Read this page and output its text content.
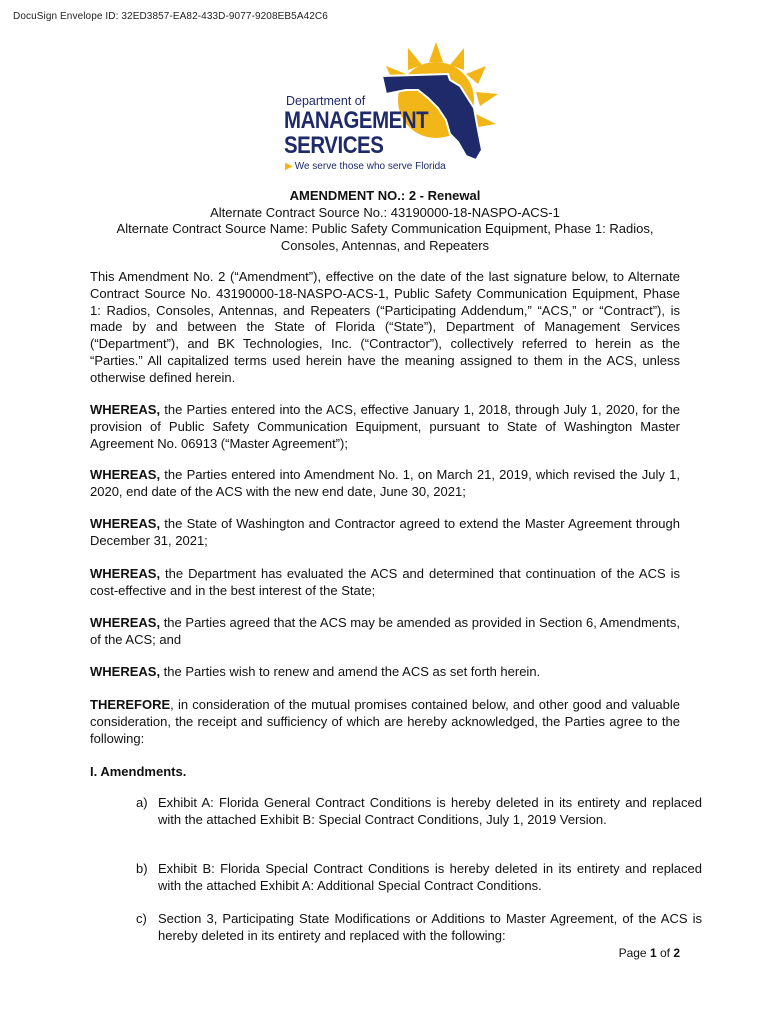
DocuSign Envelope ID: 32ED3857-EA82-433D-9077-9208EB5A42C6
Department of
MANAGEMENT
SERVICES
▶ We serve those who serve Florida
AMENDMENT NO.: 2 - Renewal
Alternate Contract Source No.: 43190000-18-NASPO-ACS-1
Alternate Contract Source Name: Public Safety Communication Equipment, Phase 1: Radios,
Consoles, Antennas, and Repeaters
This Amendment No. 2 (“Amendment”), effective on the date of the last signature below, to Alternate Contract Source No. 43190000-18-NASPO-ACS-1, Public Safety Communication Equipment, Phase 1: Radios, Consoles, Antennas, and Repeaters (“Participating Addendum,” “ACS,” or “Contract”), is made by and between the State of Florida (“State”), Department of Management Services (“Department”), and BK Technologies, Inc. (“Contractor”), collectively referred to herein as the “Parties.” All capitalized terms used herein have the meaning assigned to them in the ACS, unless otherwise defined herein.
WHEREAS, the Parties entered into the ACS, effective January 1, 2018, through July 1, 2020, for the provision of Public Safety Communication Equipment, pursuant to State of Washington Master Agreement No. 06913 (“Master Agreement”);
WHEREAS, the Parties entered into Amendment No. 1, on March 21, 2019, which revised the July 1, 2020, end date of the ACS with the new end date, June 30, 2021;
WHEREAS, the State of Washington and Contractor agreed to extend the Master Agreement through December 31, 2021;
WHEREAS, the Department has evaluated the ACS and determined that continuation of the ACS is cost-effective and in the best interest of the State;
WHEREAS, the Parties agreed that the ACS may be amended as provided in Section 6, Amendments, of the ACS; and
WHEREAS, the Parties wish to renew and amend the ACS as set forth herein.
THEREFORE, in consideration of the mutual promises contained below, and other good and valuable consideration, the receipt and sufficiency of which are hereby acknowledged, the Parties agree to the following:
I. Amendments.
a) Exhibit A: Florida General Contract Conditions is hereby deleted in its entirety and replaced with the attached Exhibit B: Special Contract Conditions, July 1, 2019 Version.
b) Exhibit B: Florida Special Contract Conditions is hereby deleted in its entirety and replaced with the attached Exhibit A: Additional Special Contract Conditions.
c) Section 3, Participating State Modifications or Additions to Master Agreement, of the ACS is hereby deleted in its entirety and replaced with the following:
Page 1 of 2
